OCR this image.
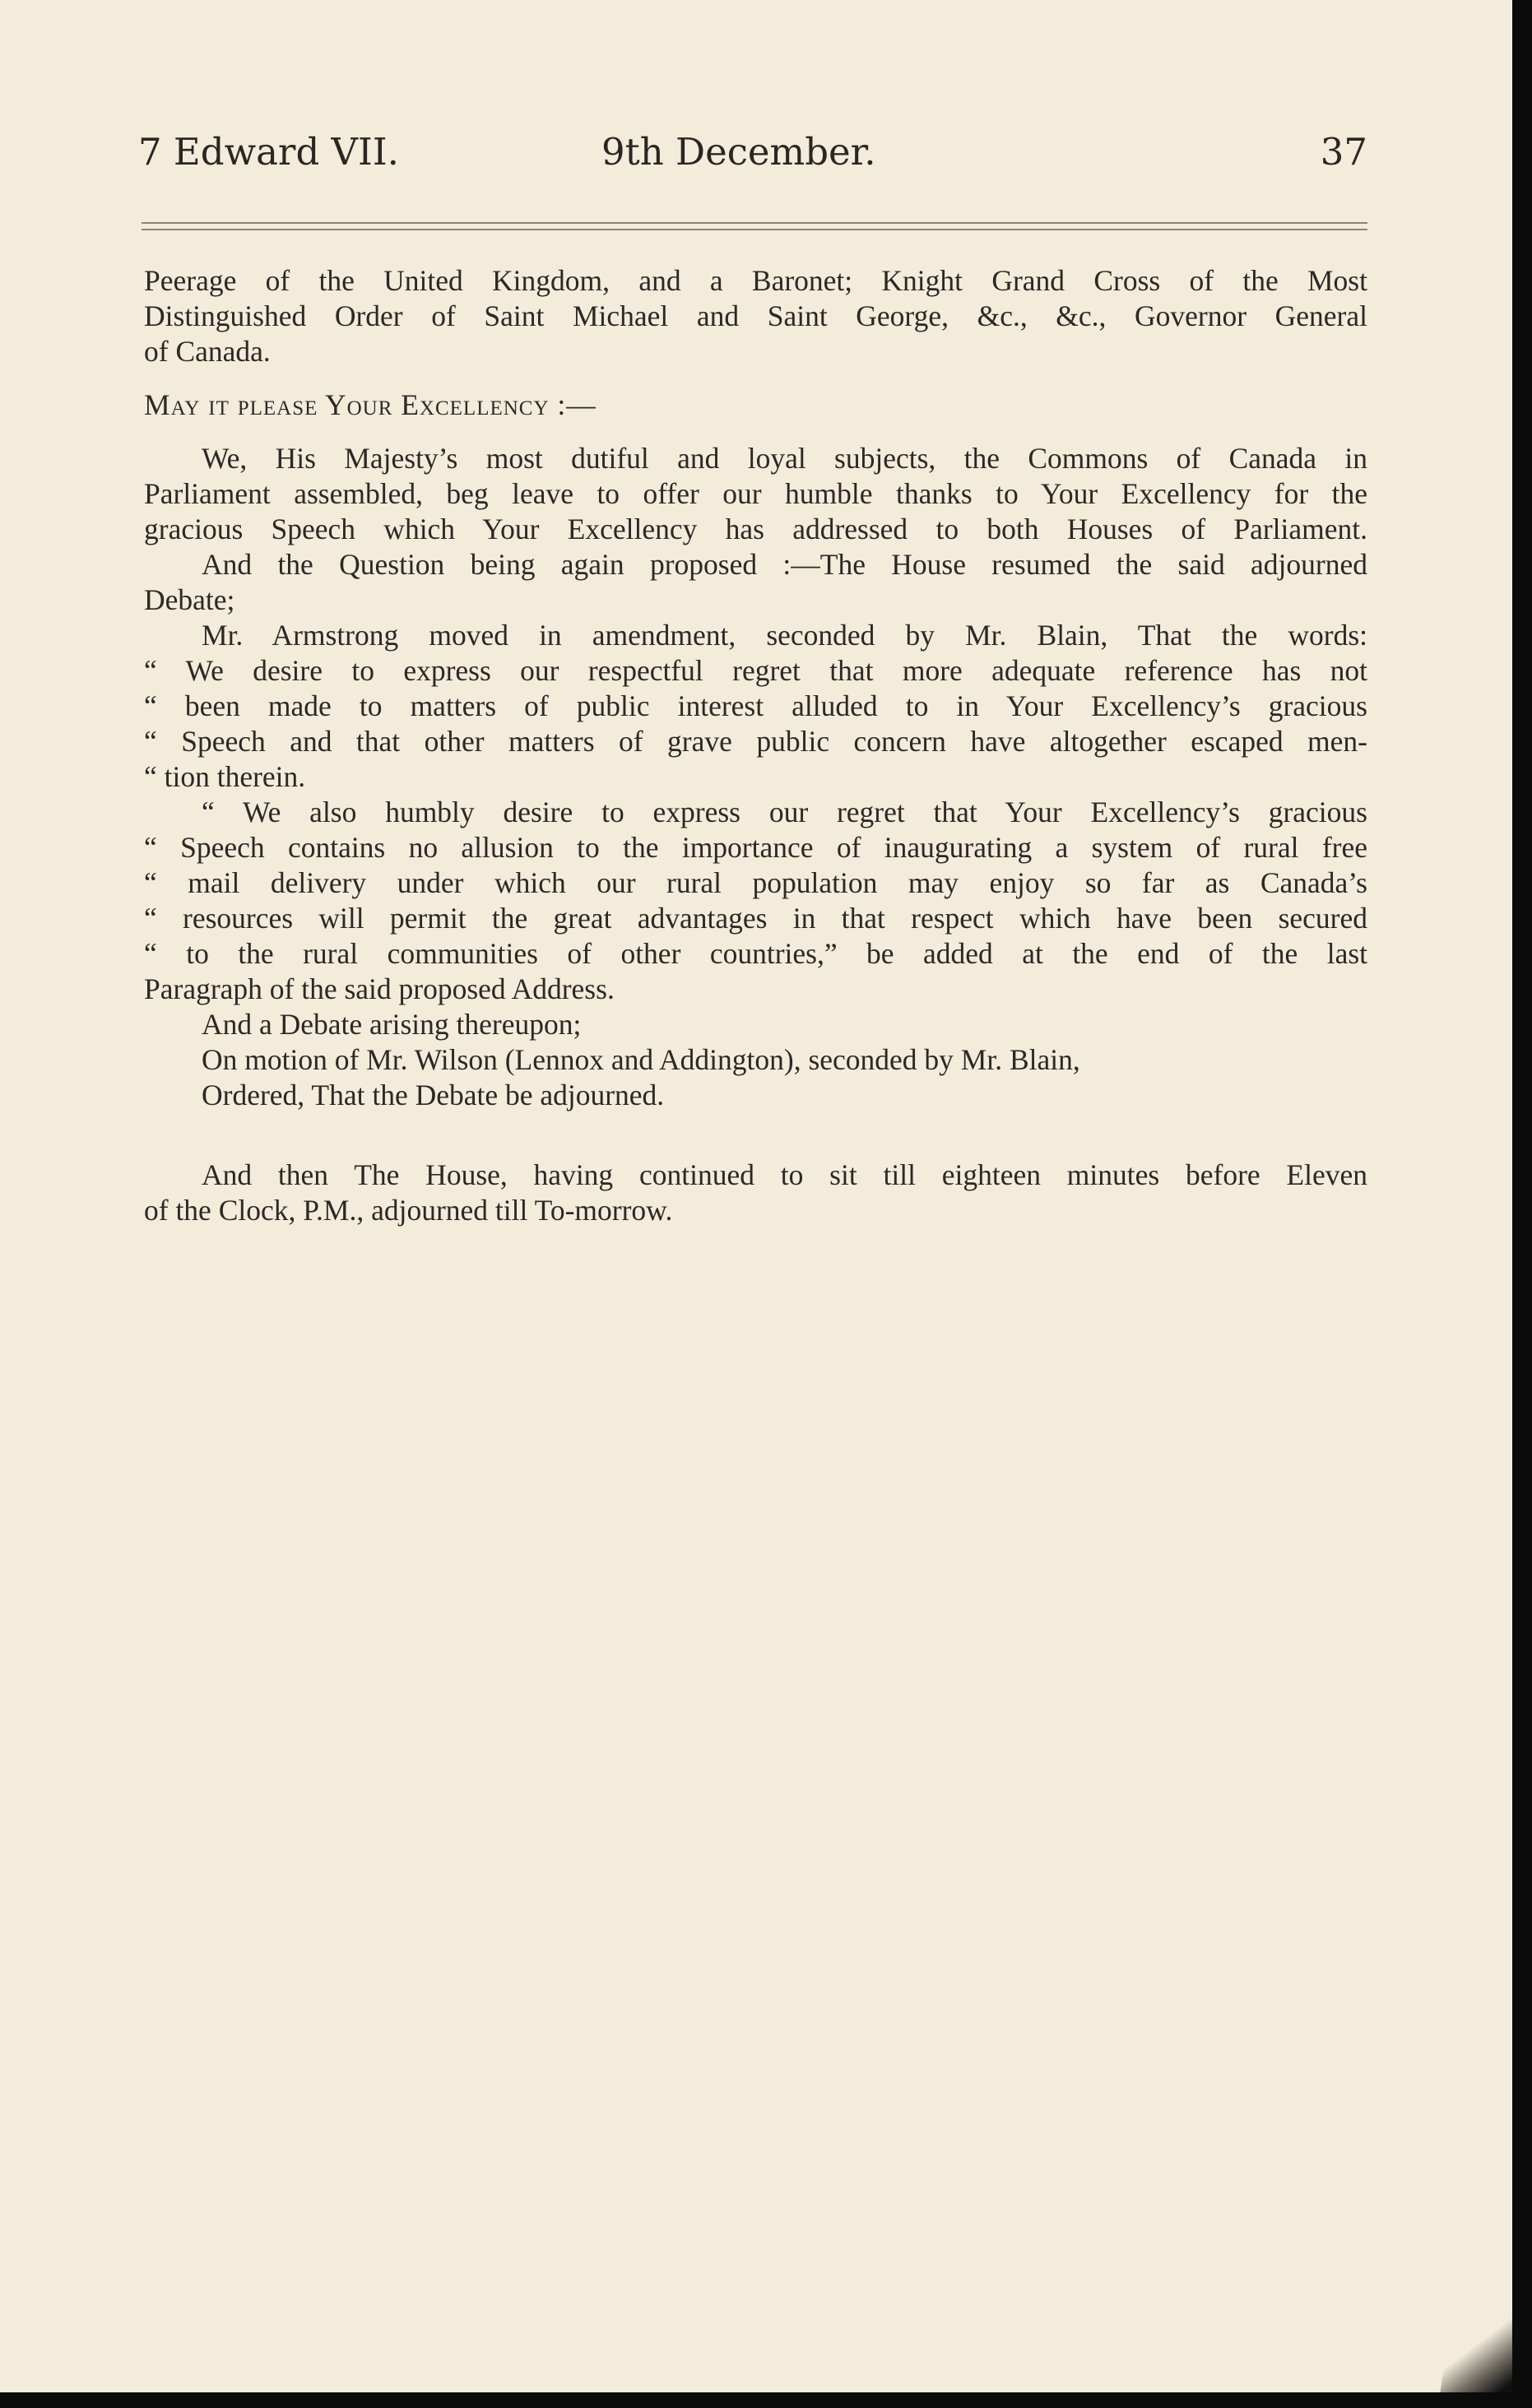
7 Edward VII.	9th December.	37

Peerage of the United Kingdom, and a Baronet; Knight Grand Cross of the Most

Distinguished Order of Saint Michael and Saint George, &c., &c., Governor General

of Canada.

May it please Your Excellency :—

We, His Majesty’s most dutiful and loyal subjects, the Commons of Canada in

Parliament assembled, beg leave to offer our humble thanks to Your Excellency for the

gracious Speech which Your Excellency has addressed to both Houses of Parliament.

And the Question being again proposed :—The House resumed the said adjourned

Debate;

Mr. Armstrong moved in amendment, seconded by Mr. Blain, That the words:

“ We desire to express our respectful regret that more adequate reference has not

“ been made to matters of public interest alluded to in Your Excellency’s gracious

“ Speech and that other matters of grave public concern have altogether escaped men-

“ tion therein.

“ We also humbly desire to express our regret that Your Excellency’s gracious

“ Speech contains no allusion to the importance of inaugurating a system of rural free

“ mail delivery under which our rural population may enjoy so far as Canada’s

“ resources will permit the great advantages in that respect which have been secured

“ to the rural communities of other countries,” be added at the end of the last

Paragraph of the said proposed Address.

And a Debate arising thereupon;

On motion of Mr. Wilson (Lennox and Addington), seconded by Mr. Blain,

Ordered, That the Debate be adjourned.

And then The House, having continued to sit till eighteen minutes before Eleven

of the Clock, P.M., adjourned till To-morrow.
